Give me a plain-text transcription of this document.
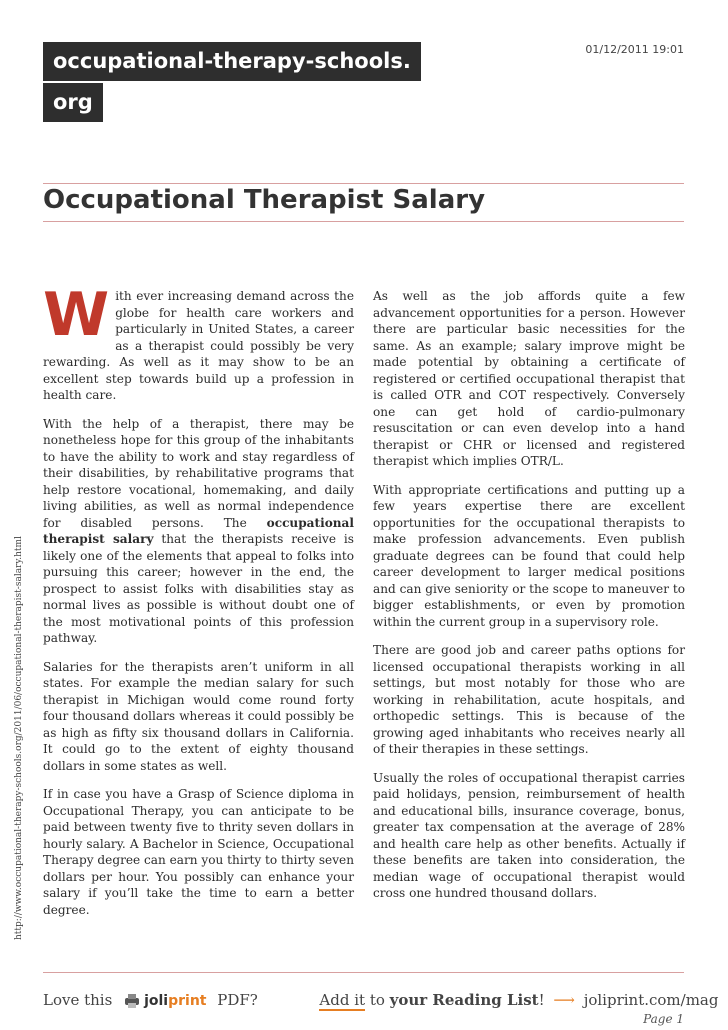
occupational-therapy-schools.
org
01/12/2011 19:01
Occupational Therapist Salary
http://www.occupational-therapy-schools.org/2011/06/occupational-therapist-salary.html

With ever increasing demand across the globe for health care workers and particularly in United States, a career as a therapist could possibly be very rewarding. As well as it may show to be an excellent step towards build up a profession in health care.

With the help of a therapist, there may be nonetheless hope for this group of the inhabitants to have the ability to work and stay regardless of their disabilities, by rehabilitative programs that help restore vocational, homemaking, and daily living abilities, as well as normal independence for disabled persons. The occupational therapist salary that the therapists receive is likely one of the elements that appeal to folks into pursuing this career; however in the end, the prospect to assist folks with disabilities stay as normal lives as possible is without doubt one of the most motivational points of this profession pathway.

Salaries for the therapists aren’t uniform in all states. For example the median salary for such therapist in Michigan would come round forty four thousand dollars whereas it could possibly be as high as fifty six thousand dollars in California. It could go to the extent of eighty thousand dollars in some states as well.

If in case you have a Grasp of Science diploma in Occupational Therapy, you can anticipate to be paid between twenty five to thrity seven dollars in hourly salary. A Bachelor in Science, Occupational Therapy degree can earn you thirty to thirty seven dollars per hour. You possibly can enhance your salary if you’ll take the time to earn a better degree.

As well as the job affords quite a few advancement opportunities for a person. However there are particular basic necessities for the same. As an example; salary improve might be made potential by obtaining a certificate of registered or certified occupational therapist that is called OTR and COT respectively. Conversely one can get hold of cardio-pulmonary resuscitation or can even develop into a hand therapist or CHR or licensed and registered therapist which implies OTR/L.

With appropriate certifications and putting up a few years expertise there are excellent opportunities for the occupational therapists to make profession advancements. Even publish graduate degrees can be found that could help career development to larger medical positions and can give seniority or the scope to maneuver to bigger establishments, or even by promotion within the current group in a supervisory role.

There are good job and career paths options for licensed occupational therapists working in all settings, but most notably for those who are working in rehabilitation, acute hospitals, and orthopedic settings. This is because of the growing aged inhabitants who receives nearly all of their therapies in these settings.

Usually the roles of occupational therapist carries paid holidays, pension, reimbursement of health and educational bills, insurance coverage, bonus, greater tax compensation at the average of 28% and health care help as other benefits. Actually if these benefits are taken into consideration, the median wage of occupational therapist would cross one hundred thousand dollars.

Love this joliprint PDF?	Add it to your Reading List! ⟶ joliprint.com/mag
Page 1
